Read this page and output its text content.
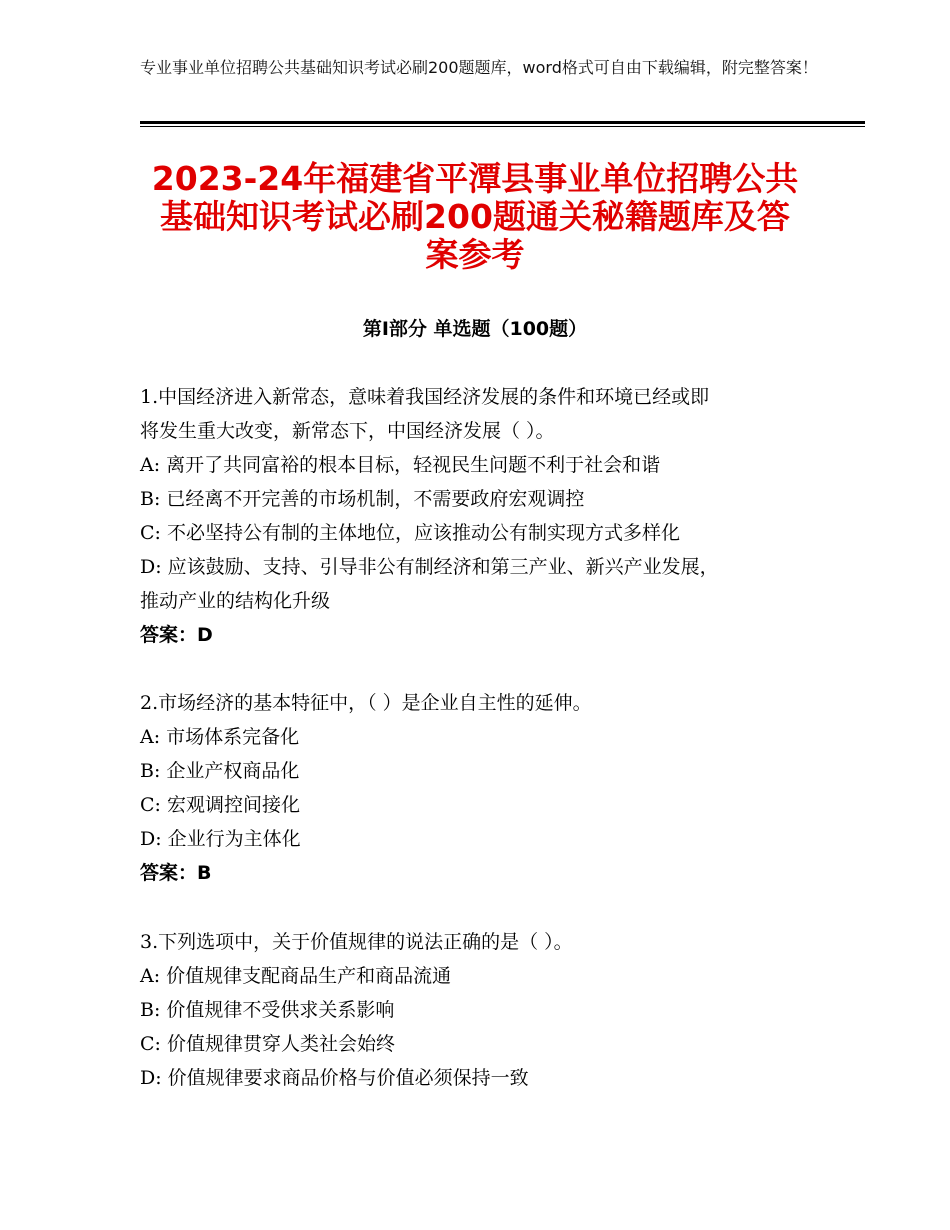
专业事业单位招聘公共基础知识考试必刷200题题库，word格式可自由下载编辑，附完整答案！
2023-24年福建省平潭县事业单位招聘公共
基础知识考试必刷200题通关秘籍题库及答
案参考
第I部分 单选题（100题）
1.中国经济进入新常态，意味着我国经济发展的条件和环境已经或即
将发生重大改变，新常态下，中国经济发展（ ）。
A: 离开了共同富裕的根本目标，轻视民生问题不利于社会和谐
B: 已经离不开完善的市场机制，不需要政府宏观调控
C: 不必坚持公有制的主体地位，应该推动公有制实现方式多样化
D: 应该鼓励、支持、引导非公有制经济和第三产业、新兴产业发展，
推动产业的结构化升级
答案：D
2.市场经济的基本特征中，（ ）是企业自主性的延伸。
A: 市场体系完备化
B: 企业产权商品化
C: 宏观调控间接化
D: 企业行为主体化
答案：B
3.下列选项中，关于价值规律的说法正确的是（ ）。
A: 价值规律支配商品生产和商品流通
B: 价值规律不受供求关系影响
C: 价值规律贯穿人类社会始终
D: 价值规律要求商品价格与价值必须保持一致
